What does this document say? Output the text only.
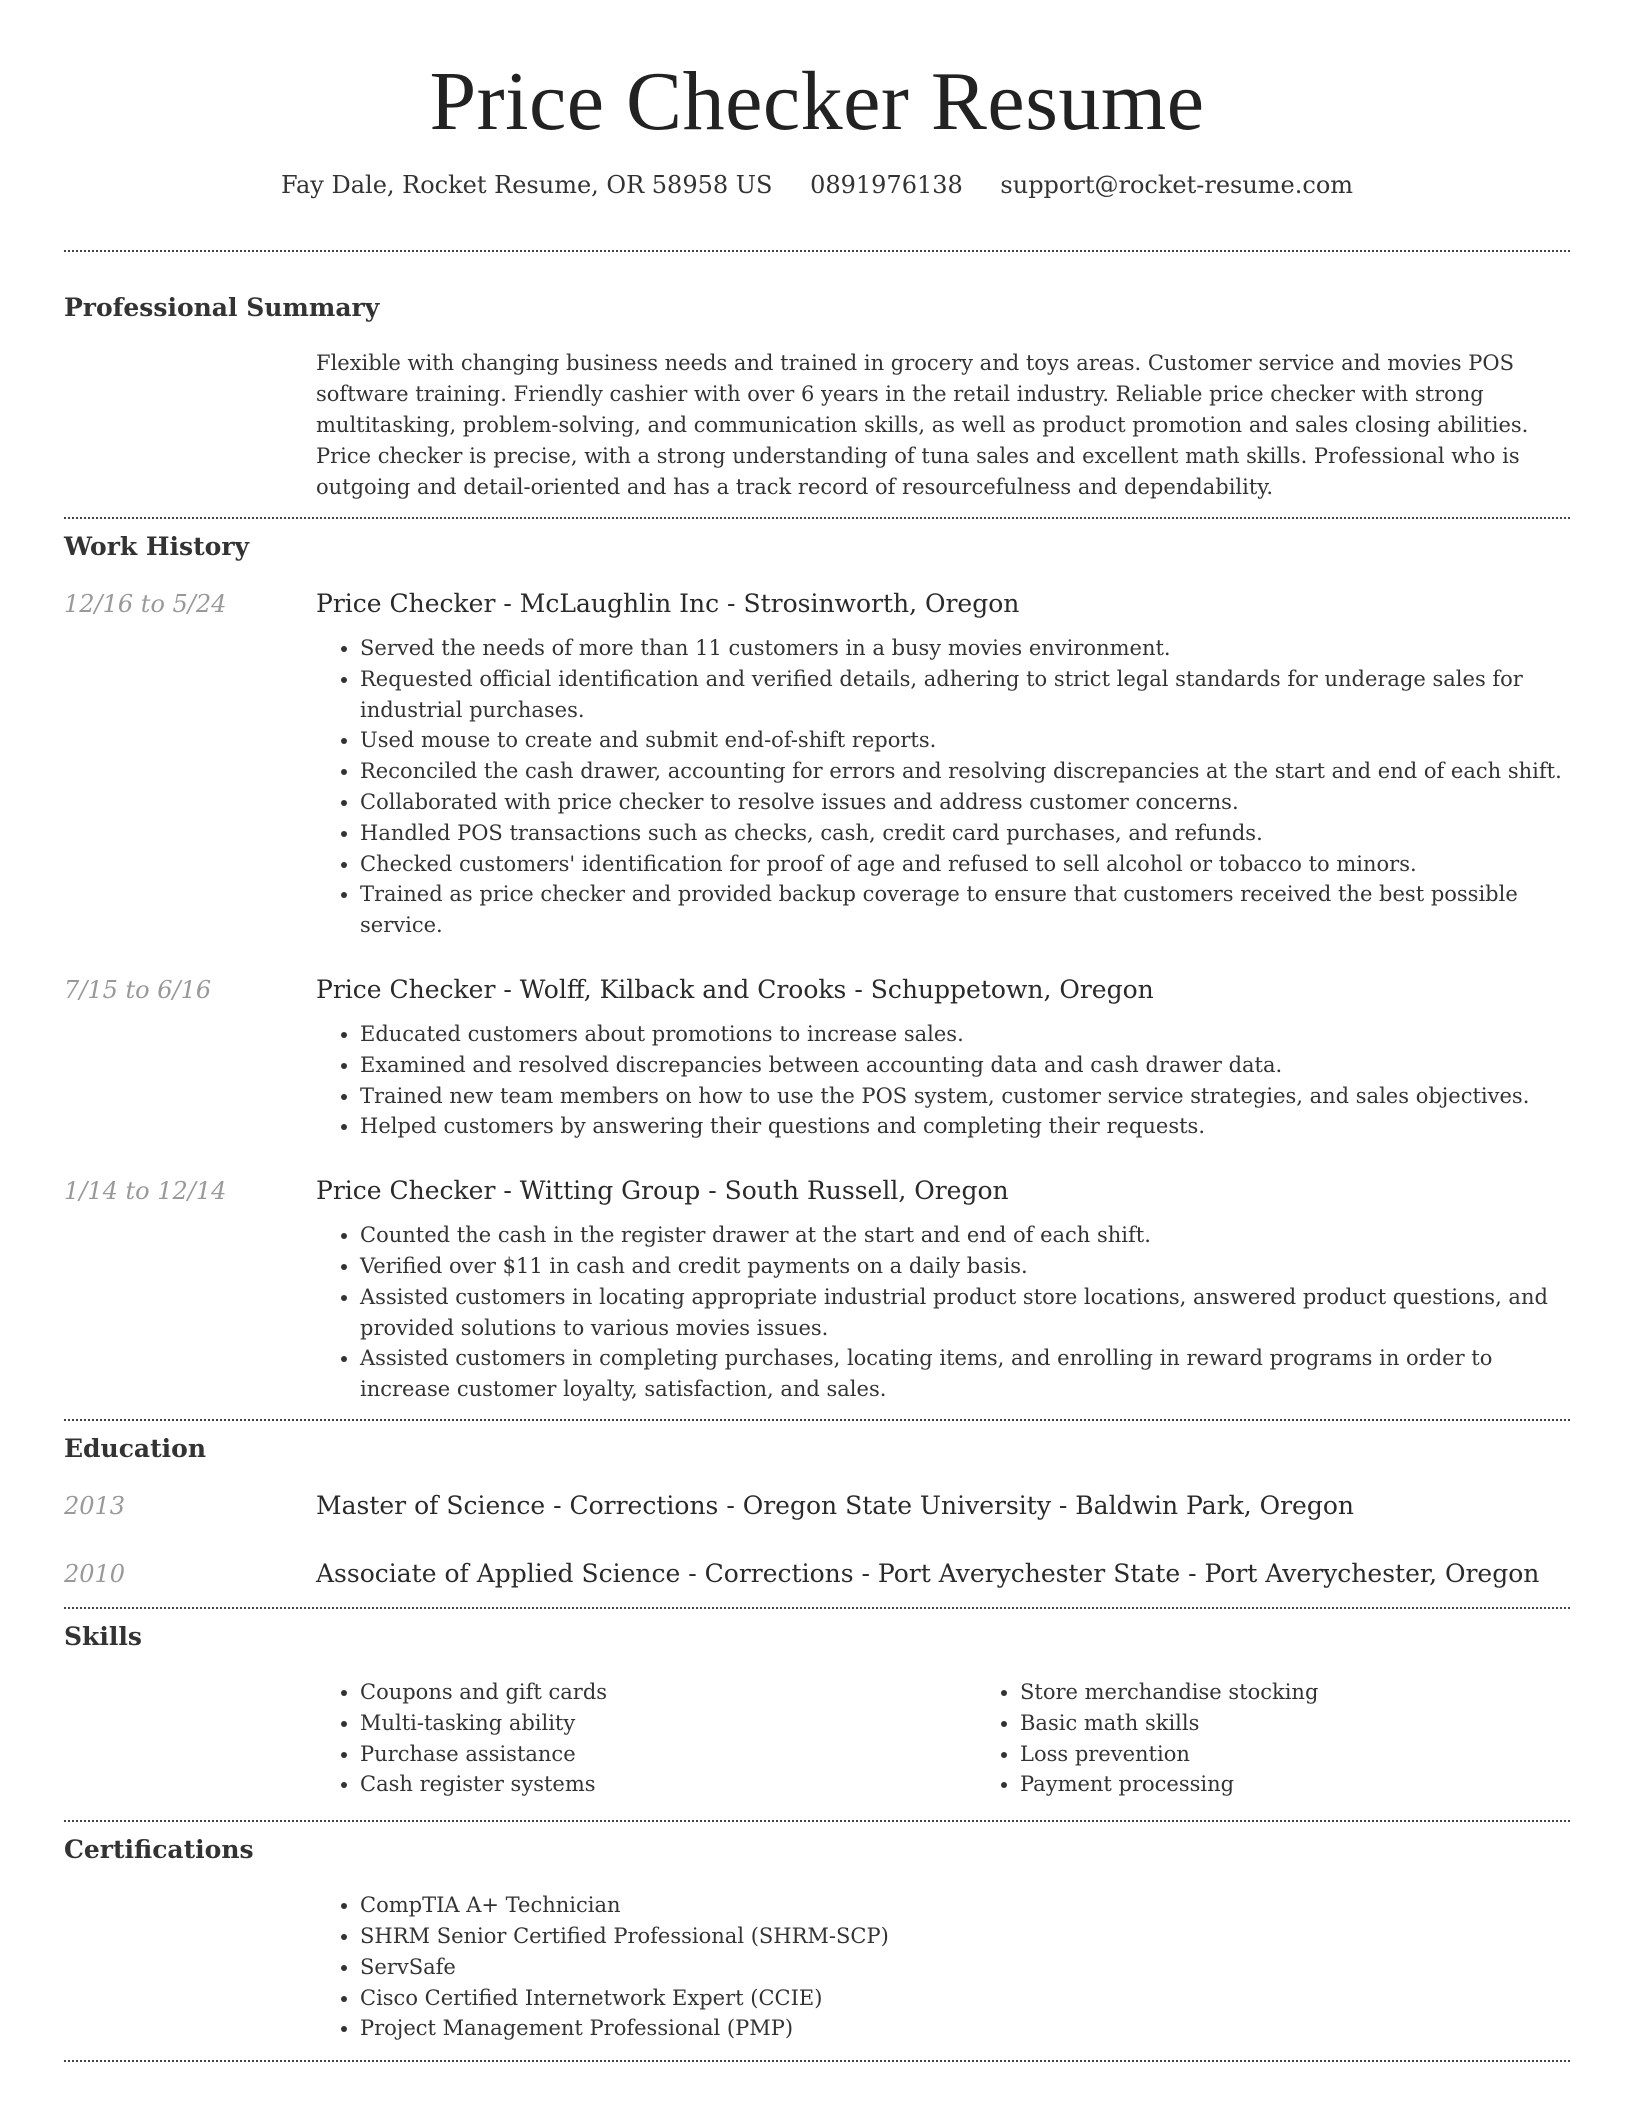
Price Checker Resume
Fay Dale, Rocket Resume, OR 58958 US 0891976138 support@rocket-resume.com
Professional Summary

Flexible with changing business needs and trained in grocery and toys areas. Customer service and movies POS software training. Friendly cashier with over 6 years in the retail industry. Reliable price checker with strong multitasking, problem-solving, and communication skills, as well as product promotion and sales closing abilities. Price checker is precise, with a strong understanding of tuna sales and excellent math skills. Professional who is outgoing and detail-oriented and has a track record of resourcefulness and dependability.

Work History
12/16 to 5/24	Price Checker - McLaughlin Inc - Strosinworth, Oregon

• Served the needs of more than 11 customers in a busy movies environment.
• Requested official identification and verified details, adhering to strict legal standards for underage sales for industrial purchases.
• Used mouse to create and submit end-of-shift reports.
• Reconciled the cash drawer, accounting for errors and resolving discrepancies at the start and end of each shift.
• Collaborated with price checker to resolve issues and address customer concerns.
• Handled POS transactions such as checks, cash, credit card purchases, and refunds.
• Checked customers' identification for proof of age and refused to sell alcohol or tobacco to minors.
• Trained as price checker and provided backup coverage to ensure that customers received the best possible service.
7/15 to 6/16	Price Checker - Wolff, Kilback and Crooks - Schuppetown, Oregon

• Educated customers about promotions to increase sales.
• Examined and resolved discrepancies between accounting data and cash drawer data.
• Trained new team members on how to use the POS system, customer service strategies, and sales objectives.
• Helped customers by answering their questions and completing their requests.
1/14 to 12/14	Price Checker - Witting Group - South Russell, Oregon

• Counted the cash in the register drawer at the start and end of each shift.
• Verified over $11 in cash and credit payments on a daily basis.
• Assisted customers in locating appropriate industrial product store locations, answered product questions, and provided solutions to various movies issues.
• Assisted customers in completing purchases, locating items, and enrolling in reward programs in order to increase customer loyalty, satisfaction, and sales.
Education
2013	Master of Science - Corrections - Oregon State University - Baldwin Park, Oregon

2010	Associate of Applied Science - Corrections - Port Averychester State - Port Averychester, Oregon

Skills
• Coupons and gift cards
• Multi-tasking ability
• Purchase assistance
• Cash register systems
• Store merchandise stocking
• Basic math skills
• Loss prevention
• Payment processing
Certifications
• CompTIA A+ Technician
• SHRM Senior Certified Professional (SHRM-SCP)
• ServSafe
• Cisco Certified Internetwork Expert (CCIE)
• Project Management Professional (PMP)
